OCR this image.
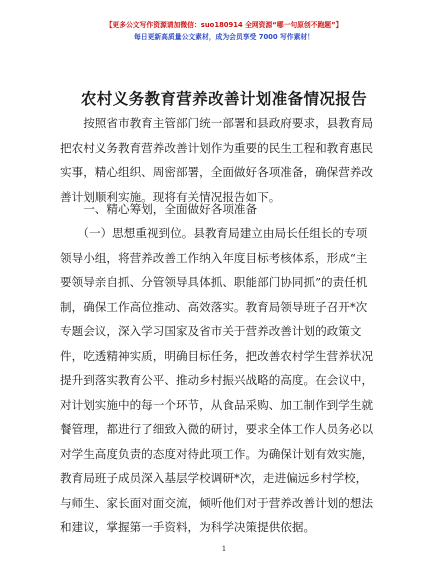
【更多公文写作资源请加微信：suo180914 全网资源“哪一句原创不跑题”】
每日更新高质量公文素材，成为会员享受 7000 写作素材！
农村义务教育营养改善计划准备情况报告
　　按照省市教育主管部门统一部署和县政府要求，县教育局
把农村义务教育营养改善计划作为重要的民生工程和教育惠民
实事，精心组织、周密部署，全面做好各项准备，确保营养改
善计划顺利实施。现将有关情况报告如下。
　　一、精心筹划，全面做好各项准备
　　（一）思想重视到位。县教育局建立由局长任组长的专项
领导小组，将营养改善工作纳入年度目标考核体系，形成“主
要领导亲自抓、分管领导具体抓、职能部门协同抓”的责任机
制，确保工作高位推动、高效落实。教育局领导班子召开*次
专题会议，深入学习国家及省市关于营养改善计划的政策文
件，吃透精神实质，明确目标任务，把改善农村学生营养状况
提升到落实教育公平、推动乡村振兴战略的高度。在会议中，
对计划实施中的每一个环节，从食品采购、加工制作到学生就
餐管理，都进行了细致入微的研讨，要求全体工作人员务必以
对学生高度负责的态度对待此项工作。为确保计划有效实施，
教育局班子成员深入基层学校调研*次，走进偏远乡村学校，
与师生、家长面对面交流，倾听他们对于营养改善计划的想法
和建议，掌握第一手资料，为科学决策提供依据。
1
